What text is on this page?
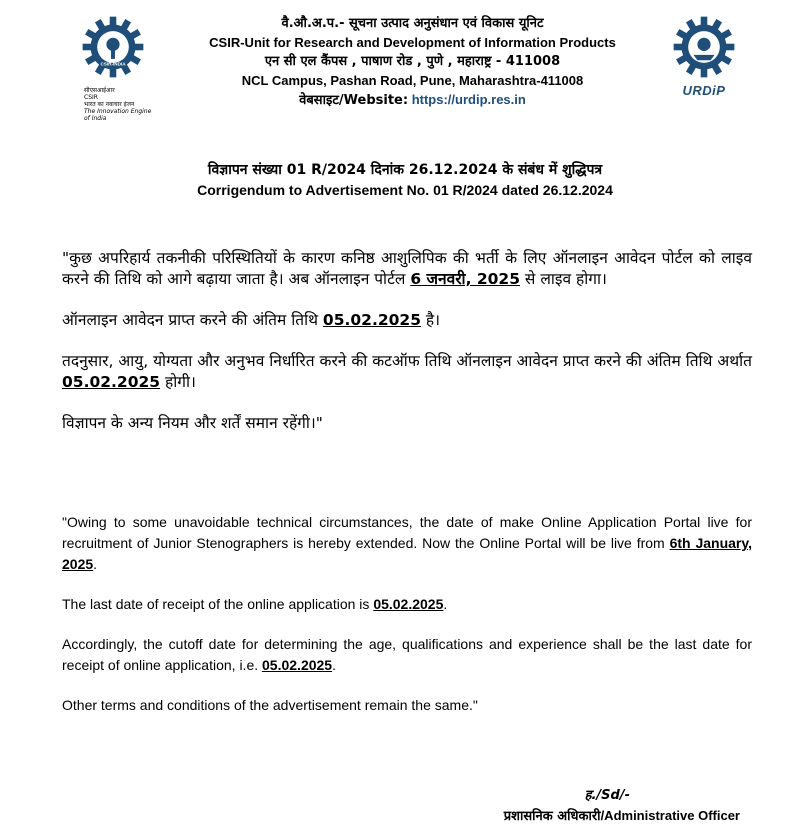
CSIR-INDIA
सीएसआईआर
CSIR
भारत का नवाचार इंजन
The Innovation Engine of India
वै.औ.अ.प.- सूचना उत्पाद अनुसंधान एवं विकास यूनिट
CSIR-Unit for Research and Development of Information Products
एन सी एल कैंपस , पाषाण रोड , पुणे , महाराष्ट्र - 411008
NCL Campus, Pashan Road, Pune, Maharashtra-411008
वेबसाइट/Website: https://urdip.res.in
URDiP
विज्ञापन संख्या 01 R/2024 दिनांक 26.12.2024 के संबंध में शुद्धिपत्र
Corrigendum to Advertisement No. 01 R/2024 dated 26.12.2024

"कुछ अपरिहार्य तकनीकी परिस्थितियों के कारण कनिष्ठ आशुलिपिक की भर्ती के लिए ऑनलाइन आवेदन पोर्टल को लाइव करने की तिथि को आगे बढ़ाया जाता है। अब ऑनलाइन पोर्टल 6 जनवरी, 2025 से लाइव होगा।

ऑनलाइन आवेदन प्राप्त करने की अंतिम तिथि 05.02.2025 है।

तदनुसार, आयु, योग्यता और अनुभव निर्धारित करने की कटऑफ तिथि ऑनलाइन आवेदन प्राप्त करने की अंतिम तिथि अर्थात 05.02.2025 होगी।

विज्ञापन के अन्य नियम और शर्तें समान रहेंगी।"

"Owing to some unavoidable technical circumstances, the date of make Online Application Portal live for recruitment of Junior Stenographers is hereby extended. Now the Online Portal will be live from 6th January, 2025.

The last date of receipt of the online application is 05.02.2025.

Accordingly, the cutoff date for determining the age, qualifications and experience shall be the last date for receipt of online application, i.e. 05.02.2025.

Other terms and conditions of the advertisement remain the same."

ह./Sd/-
प्रशासनिक अधिकारी/Administrative Officer
